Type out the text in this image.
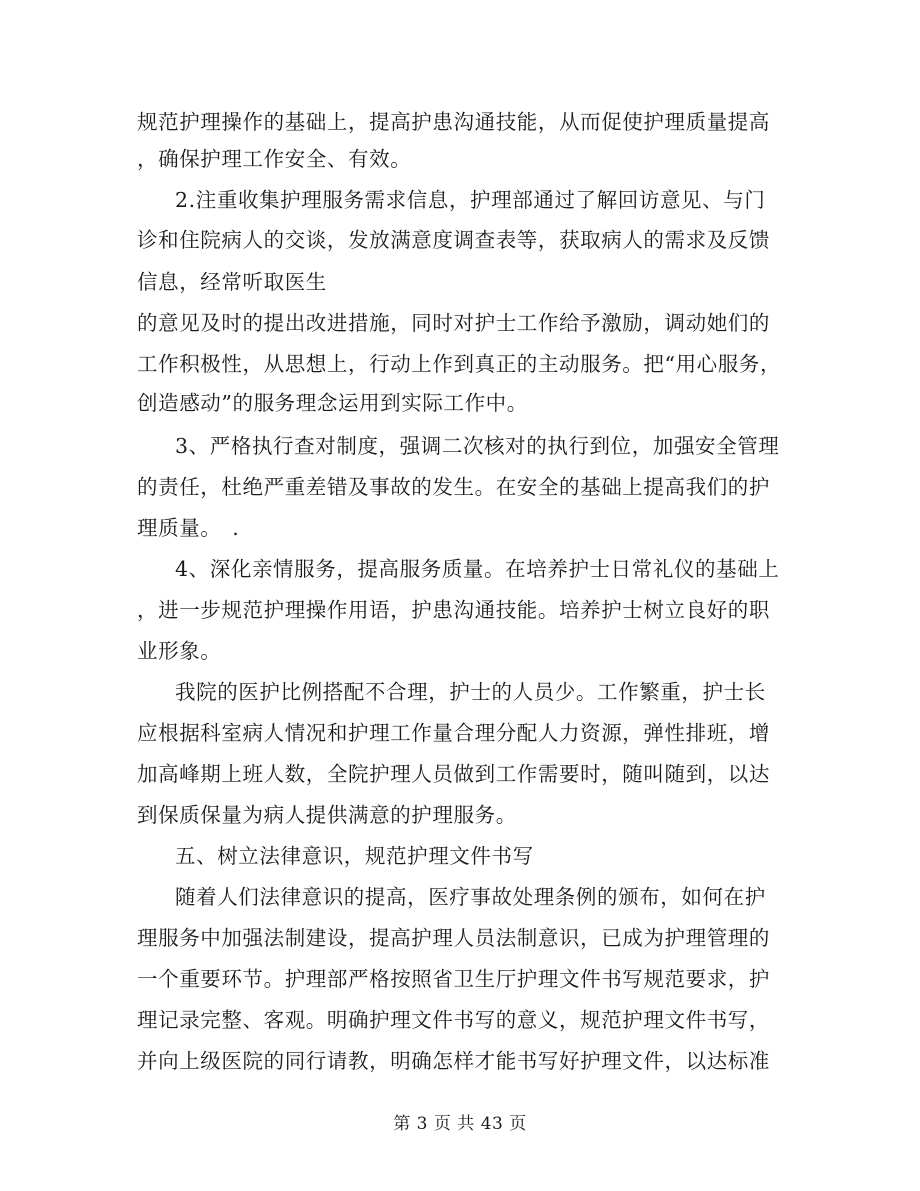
规范护理操作的基础上，提高护患沟通技能，从而促使护理质量提高
，确保护理工作安全、有效。
2.注重收集护理服务需求信息，护理部通过了解回访意见、与门
诊和住院病人的交谈，发放满意度调查表等，获取病人的需求及反馈
信息，经常听取医生
的意见及时的提出改进措施，同时对护士工作给予激励，调动她们的
工作积极性，从思想上，行动上作到真正的主动服务。把“用心服务，
创造感动”的服务理念运用到实际工作中。
3、严格执行查对制度，强调二次核对的执行到位，加强安全管理
的责任，杜绝严重差错及事故的发生。在安全的基础上提高我们的护
理质量。　.
4、深化亲情服务，提高服务质量。在培养护士日常礼仪的基础上
，进一步规范护理操作用语，护患沟通技能。培养护士树立良好的职
业形象。
我院的医护比例搭配不合理，护士的人员少。工作繁重，护士长
应根据科室病人情况和护理工作量合理分配人力资源，弹性排班，增
加高峰期上班人数，全院护理人员做到工作需要时，随叫随到，以达
到保质保量为病人提供满意的护理服务。
五、树立法律意识，规范护理文件书写
随着人们法律意识的提高，医疗事故处理条例的颁布，如何在护
理服务中加强法制建设，提高护理人员法制意识，已成为护理管理的
一个重要环节。护理部严格按照省卫生厅护理文件书写规范要求，护
理记录完整、客观。明确护理文件书写的意义，规范护理文件书写，
并向上级医院的同行请教，明确怎样才能书写好护理文件，以达标准
第 3 页 共 43 页
